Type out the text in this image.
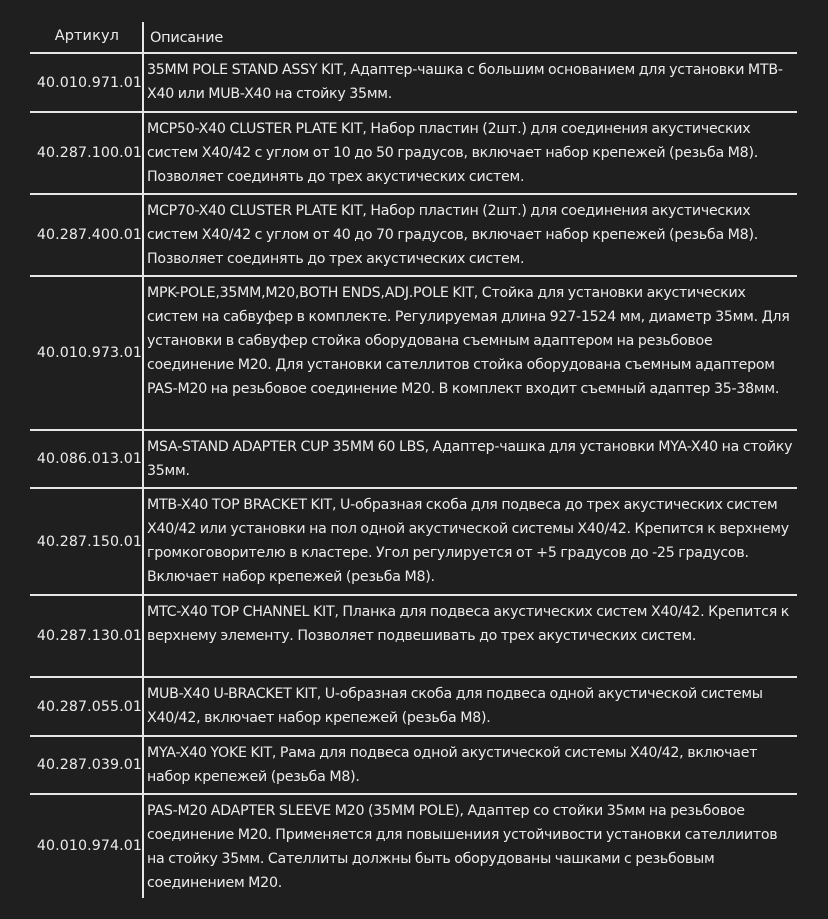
Артикул	Описание
40.010.971.01
35MM POLE STAND ASSY KIT, Адаптер-чашка с большим основанием для установки MTB-X40 или MUB-X40 на стойку 35мм.
40.287.100.01
MCP50-X40 CLUSTER PLATE KIT, Набор пластин (2шт.) для соединения акустических систем X40/42 с углом от 10 до 50 градусов, включает набор крепежей (резьба M8). Позволяет соединять до трех акустических систем.
40.287.400.01
MCP70-X40 CLUSTER PLATE KIT, Набор пластин (2шт.) для соединения акустических систем X40/42 с углом от 40 до 70 градусов, включает набор крепежей (резьба M8). Позволяет соединять до трех акустических систем.
40.010.973.01
MPK-POLE,35MM,M20,BOTH ENDS,ADJ.POLE KIT, Стойка для установки акустических систем на сабвуфер в комплекте. Регулируемая длина 927-1524 мм, диаметр 35мм. Для установки в сабвуфер стойка оборудована съемным адаптером на резьбовое соединение M20. Для установки сателлитов стойка оборудована съемным адаптером PAS-M20 на резьбовое соединение M20. В комплект входит съемный адаптер 35-38мм.
40.086.013.01
MSA-STAND ADAPTER CUP 35MM 60 LBS, Адаптер-чашка для установки MYA-X40 на стойку 35мм.
40.287.150.01
MTB-X40 TOP BRACKET KIT, U-образная скоба для подвеса до трех акустических систем X40/42 или установки на пол одной акустической системы X40/42. Крепится к верхнему громкоговорителю в кластере. Угол регулируется от +5 градусов до -25 градусов. Включает набор крепежей (резьба M8).
40.287.130.01
MTC-X40 TOP CHANNEL KIT, Планка для подвеса акустических систем X40/42. Крепится к верхнему элементу. Позволяет подвешивать до трех акустических систем.
40.287.055.01
MUB-X40 U-BRACKET KIT, U-образная скоба для подвеса одной акустической системы X40/42, включает набор крепежей (резьба M8).
40.287.039.01
MYA-X40 YOKE KIT, Рама для подвеса одной акустической системы X40/42, включает набор крепежей (резьба M8).
40.010.974.01
PAS-M20 ADAPTER SLEEVE M20 (35MM POLE), Адаптер со стойки 35мм на резьбовое соединение M20. Применяется для повышениия устойчивости установки сателлиитов на стойку 35мм. Сателлиты должны быть оборудованы чашками с резьбовым соединением M20.
